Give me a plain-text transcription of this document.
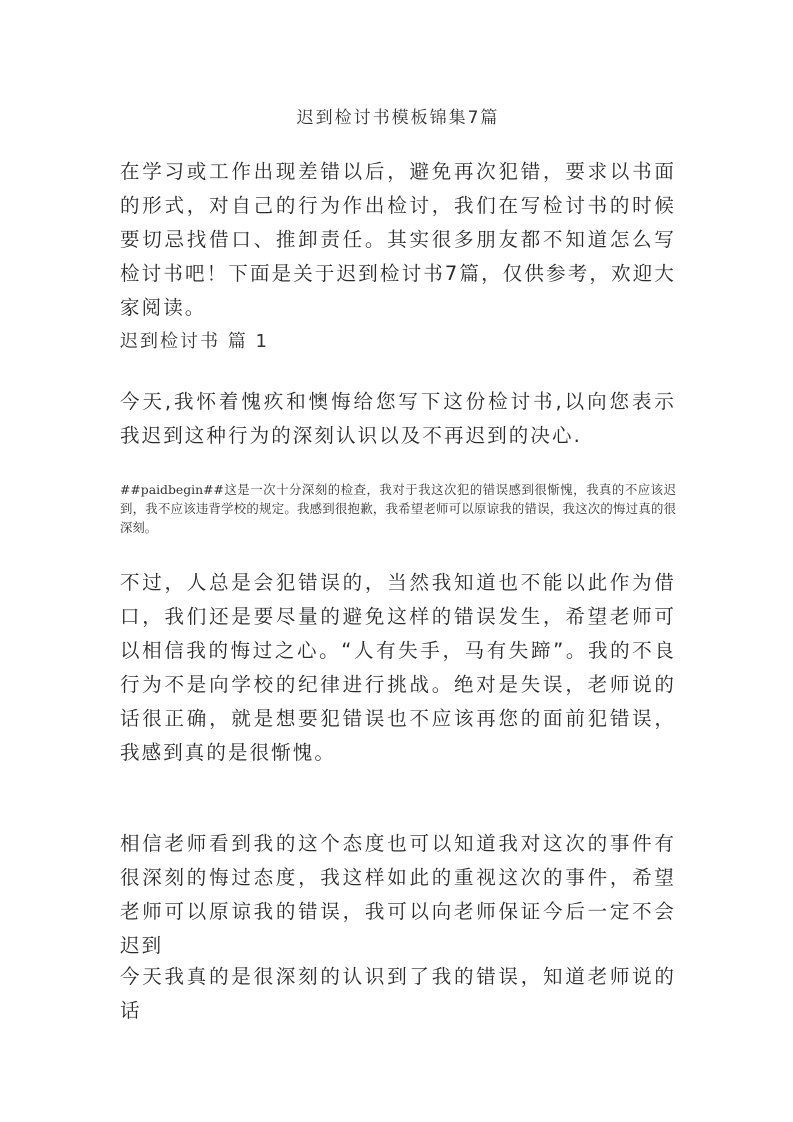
迟到检讨书模板锦集7篇
在学习或工作出现差错以后，避免再次犯错，要求以书面的形式，对自己的行为作出检讨，我们在写检讨书的时候要切忌找借口、推卸责任。其实很多朋友都不知道怎么写检讨书吧！下面是关于迟到检讨书7篇，仅供参考，欢迎大家阅读。
迟到检讨书 篇 1
今天,我怀着愧疚和懊悔给您写下这份检讨书,以向您表示我迟到这种行为的深刻认识以及不再迟到的决心.
##paidbegin##这是一次十分深刻的检查，我对于我这次犯的错误感到很惭愧，我真的不应该迟到，我不应该违背学校的规定。我感到很抱歉，我希望老师可以原谅我的错误，我这次的悔过真的很深刻。
不过，人总是会犯错误的，当然我知道也不能以此作为借口，我们还是要尽量的避免这样的错误发生，希望老师可以相信我的悔过之心。“人有失手，马有失蹄”。我的不良行为不是向学校的纪律进行挑战。绝对是失误，老师说的话很正确，就是想要犯错误也不应该再您的面前犯错误，我感到真的是很惭愧。
相信老师看到我的这个态度也可以知道我对这次的事件有很深刻的悔过态度，我这样如此的重视这次的事件，希望老师可以原谅我的错误，我可以向老师保证今后一定不会迟到
今天我真的是很深刻的认识到了我的错误，知道老师说的话
